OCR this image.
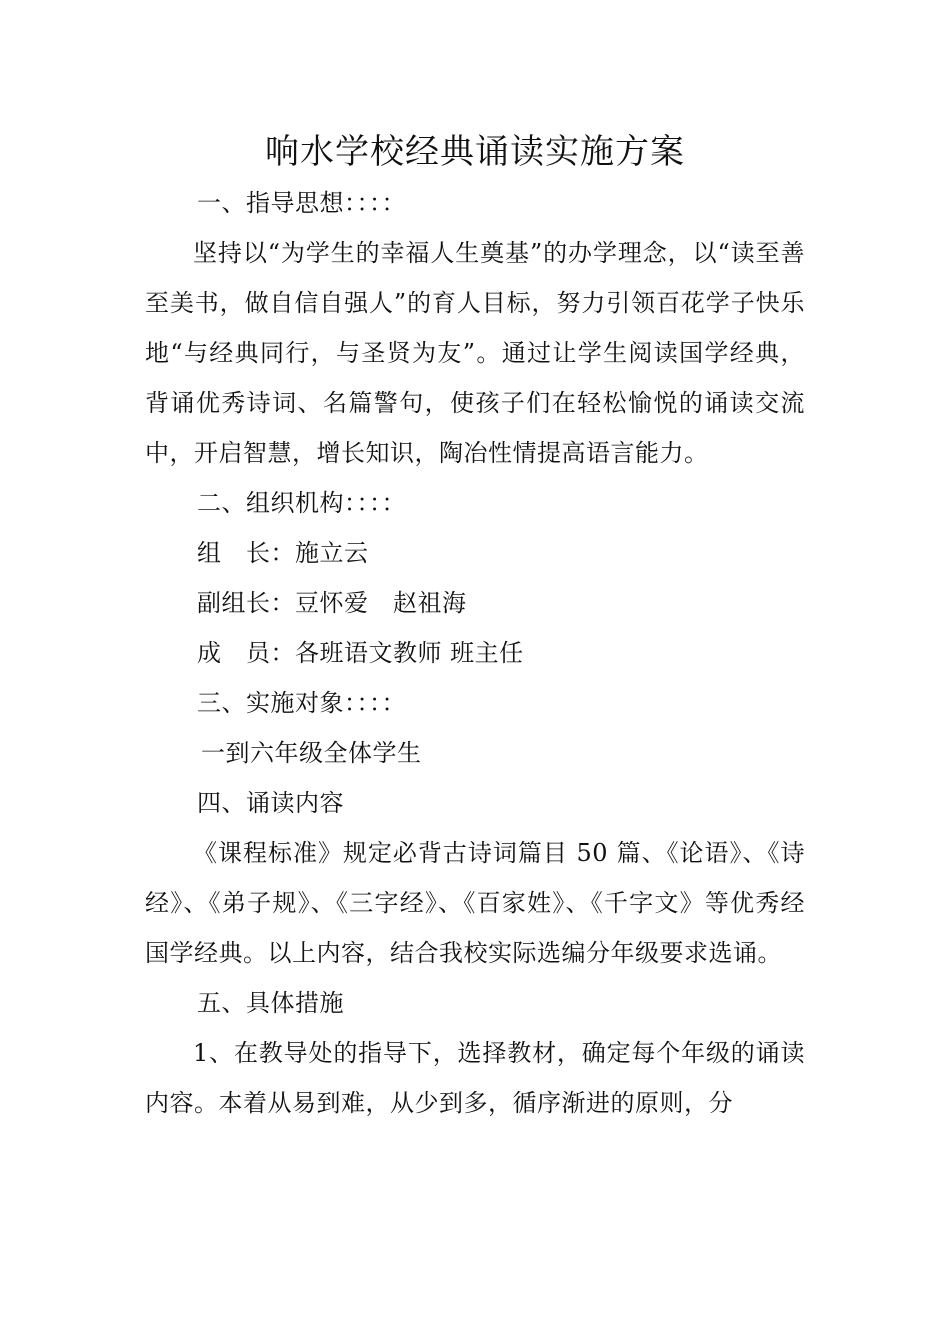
响水学校经典诵读实施方案

一、指导思想：：：：

坚持以“为学生的幸福人生奠基”的办学理念，以“读至善至美书，做自信自强人”的育人目标，努力引领百花学子快乐地“与经典同行，与圣贤为友”。通过让学生阅读国学经典，背诵优秀诗词、名篇警句，使孩子们在轻松愉悦的诵读交流中，开启智慧，增长知识，陶冶性情提高语言能力。

二、组织机构：：：：

组　长：施立云

副组长：豆怀爱　赵祖海

成　员：各班语文教师 班主任

三、实施对象：：：：

一到六年级全体学生

四、诵读内容

《课程标准》规定必背古诗词篇目 50 篇、《论语》、《诗经》、《弟子规》、《三字经》、《百家姓》、《千字文》等优秀经国学经典。以上内容，结合我校实际选编分年级要求选诵。

五、具体措施

1、在教导处的指导下，选择教材，确定每个年级的诵读内容。本着从易到难，从少到多，循序渐进的原则，分
